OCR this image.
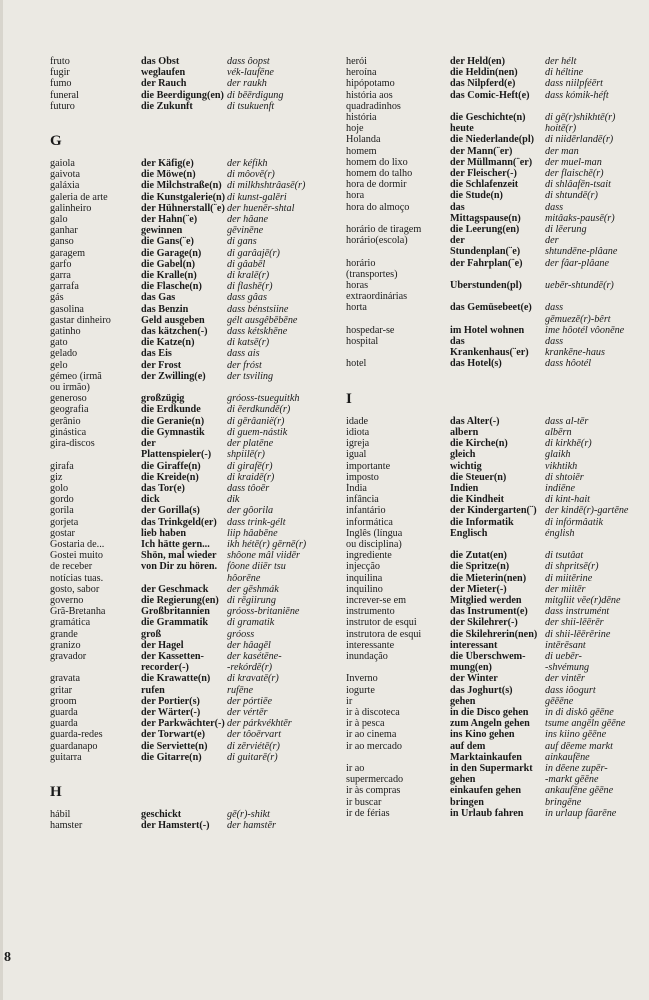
fruto	das Obst	dass ôopst
fugir	weglaufen	vék-laufēne
fumo	der Rauch	der raukh
funeral	die Beerdigung(en) di bēērdigung
futuro	die Zukunft	di tsukuenft
G
gaiola	der Käfig(e)	der kéfikh
gaivota	die Möwe(n)	di môovē(r)
galáxia	die Milchstraße(n) di milkhshtrâasē(r)
galeria de arte	die Kunstgalerie(n) di kunst-galēri
galinheiro	der Hühnerstall(¨e) der huenēr-shtal
galo	der Hahn(¨e)	der hâane
ganhar	gewinnen	gēvinēne
ganso	die Gans(¨e)	di gans
garagem	die Garage(n)	di garâajē(r)
garfo	die Gabel(n)	di gâabēl
garra	die Kralle(n)	di kralē(r)
garrafa	die Flasche(n)	di flashē(r)
gás	das Gas	dass gâas
gasolina	das Benzin	dass bénstsiine
gastar dinheiro	Geld ausgeben	gélt ausgêbēbēne
gatinho	das kätzchen(-)	dass kétskhēne
gato	die Katze(n)	di katsē(r)
gelado	das Eis	dass ais
gelo	der Frost	der fróst
gémeo (irmã	der Zwilling(e)	der tsviling
ou irmão)
generoso	großzügig	gróoss-tsueguitkh
geografia	die Erdkunde	di ēerdkundē(r)
gerânio	die Geranie(n)	di gērâanië(r)
ginástica	die Gymnastik	di guem-nástik
gira-discos	der	der platēne
Plattenspieler(-)	shpiilē(r)
girafa	die Giraffe(n)	di girafē(r)
giz	die Kreide(n)	di kraidē(r)
golo	das Tor(e)	dass tôoēr
gordo	dick	dik
gorila	der Gorilla(s)	der gôorila
gorjeta	das Trinkgeld(er)	dass trink-gélt
gostar	lieb haben	liip hâabēne
Gostaria de...	Ich hätte gern...	ikh hétē(r) gērnē(r)
Gostei muito	Shön, mal wieder	shôone mâl viidēr
de receber	von Dir zu hören. fôone diiēr tsu
notícias tuas.	hôorēne
gosto, sabor	der Geschmack	der gēshmák
governo	die Regierung(en) di rēgiirung
Grã-Bretanha	Großbritannien	gróoss-britaniēne
gramática	die Grammatik	di gramatik
grande	groß	gróoss
granizo	der Hagel	der hâagēl
gravador	der Kassetten-	der kasétēne-
recorder(-)	-rekórdē(r)
gravata	die Krawatte(n)	di kravatē(r)
gritar	rufen	rufēne
groom	der Portier(s)	der pórtiēe
guarda	der Wärter(-)	der vértēr
guarda	der Parkwächter(-) der párkvékhtēr
guarda-redes	der Torwart(e)	der tôoērvart
guardanapo	die Serviette(n)	di zērviétē(r)
guitarra	die Gitarre(n)	di guitarē(r)
H
hábil	geschickt	gē(r)-shikt
hamster	der Hamstert(-)	der hamstēr
herói	der Held(en)	der hélt
heroína	die Heldin(nen)	di héltine
hipópotamo	das Nilpferd(e)	dass niilpféērt
história aos	das Comic-Heft(e)	dass kómik-héft
quadradinhos
história	die Geschichte(n)	di gē(r)shikhtē(r)
hoje	heute	hoitē(r)
Holanda	die Niederlande(pl)	di niidērlandē(r)
homem	der Mann(¨er)	der man
homem do lixo	der Müllmann(¨er)	der muel-man
homem do talho	der Fleischer(-)	der flaischē(r)
hora de dormir	die Schlafenzeit	di shlâafēn-tsait
hora	die Stude(n)	di shtundē(r)
hora do almoço	das	dass
Mittagspause(n)	mitâaks-pausē(r)
horário de tiragem	die Leerung(en)	di lēerung
horário(escola)	der	der
Stundenplan(¨e)	shtundēne-plâane
horário	der Fahrplan(¨e)	der fâar-plâane
(transportes)
horas	Überstunden(pl)	uebēr-shtundē(r)
extraordinárias
horta	das Gemüsebeet(e)	dass
gēmuezē(r)-bêrt
hospedar-se	im Hotel wohnen	ime hôotél vôonēne
hospital	das	dass
Krankenhaus(¨er)	krankēne-haus
hotel	das Hotel(s)	dass hôotél
I
idade	das Alter(-)	dass al-tēr
idiota	albern	albērn
igreja	die Kirche(n)	di kirkhē(r)
igual	gleich	glaikh
importante	wichtig	vikhtikh
imposto	die Steuer(n)	di shtoiēr
Índia	Indien	indiēne
infância	die Kindheit	di kint-hait
infantário	der Kindergarten(¨) der kindē(r)-gartēne
informática	die Informatik	di infórmâatik
Inglês (língua	Englisch	énglish
ou disciplina)
ingrediente	die Zutat(en)	di tsutâat
injecção	die Spritze(n)	di shpritsē(r)
inquilina	die Mieterin(nen)	di miitērine
inquilino	der Mieter(-)	der miitēr
increver-se em	Mitglied werden	mitgliit vēe(r)dēne
instrumento	das Instrument(e)	dass instrumént
instrutor de esqui	der Skilehrer(-)	der shii-lēērēr
instrutora de esqui	die Skilehrerin(nen) di shii-lēērērine
interessante	interessant	intērēsant
inundação	die Überschwem-	di uebēr-
mung(en)	-shvémung
Inverno	der Winter	der vintēr
iogurte	das Joghurt(s)	dass iôogurt
ir	gehen	gēēēne
ir à discoteca	in die Disco gehen	in di diskô gēēne
ir à pesca	zum Angeln gehen	tsume angēln gēēne
ir ao cinema	ins Kino gehen	ins kiino gēēne
ir ao mercado	auf dem	auf dēeme markt
Marktainkaufen	ainkaufēne
ir ao	in den Supermarkt	in dēene zupēr-
supermercado	gehen	-markt gēēne
ir às compras	einkaufen gehen	ankaufēne gēēne
ir buscar	bringen	bringēne
ir de férias	in Urlaub fahren	in urlaup fâarēne
8
